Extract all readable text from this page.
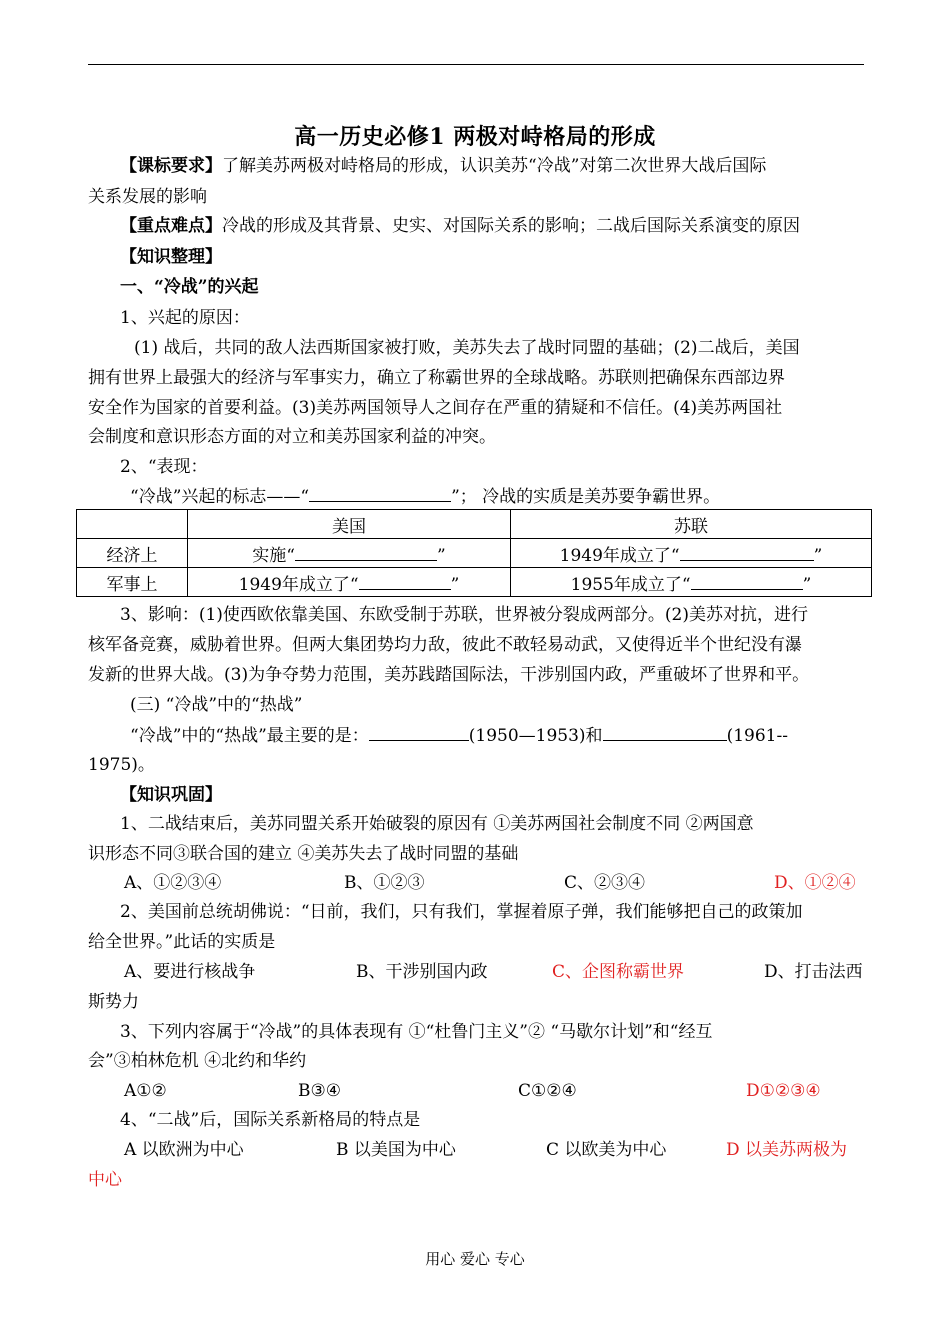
高一历史必修1 两极对峙格局的形成
【课标要求】了解美苏两极对峙格局的形成，认识美苏“冷战”对第二次世界大战后国际
关系发展的影响
【重点难点】冷战的形成及其背景、史实、对国际关系的影响；二战后国际关系演变的原因
【知识整理】
一、“冷战”的兴起
1、兴起的原因：
(1) 战后，共同的敌人法西斯国家被打败，美苏失去了战时同盟的基础；(2)二战后，美国
拥有世界上最强大的经济与军事实力，确立了称霸世界的全球战略。苏联则把确保东西部边界
安全作为国家的首要利益。(3)美苏两国领导人之间存在严重的猜疑和不信任。(4)美苏两国社
会制度和意识形态方面的对立和美苏国家利益的冲突。
2、“表现：
“冷战”兴起的标志——“	”； 冷战的实质是美苏要争霸世界。
	美国	苏联
经济上	实施“ ”	1949年成立了“ ”
军事上	1949年成立了“ ”	1955年成立了“ ”
3、影响：(1)使西欧依靠美国、东欧受制于苏联，世界被分裂成两部分。(2)美苏对抗，进行
核军备竞赛，威胁着世界。但两大集团势均力敌，彼此不敢轻易动武，又使得近半个世纪没有瀑
发新的世界大战。(3)为争夺势力范围，美苏践踏国际法，干涉别国内政，严重破坏了世界和平。
(三) “冷战”中的“热战”
“冷战”中的“热战”最主要的是：	(1950—1953)和	(1961--
1975)。
【知识巩固】
1、二战结束后，美苏同盟关系开始破裂的原因有 ①美苏两国社会制度不同 ②两国意
识形态不同③联合国的建立 ④美苏失去了战时同盟的基础
A、①②③④	B、①②③	C、②③④	D、①②④
2、美国前总统胡佛说：“日前，我们，只有我们，掌握着原子弹，我们能够把自己的政策加
给全世界。”此话的实质是
A、要进行核战争	B、干涉别国内政	C、企图称霸世界	D、打击法西
斯势力
3、下列内容属于“冷战”的具体表现有 ①“杜鲁门主义”② “马歇尔计划”和“经互
会”③柏林危机 ④北约和华约
A①②	B③④	C①②④	D①②③④
4、“二战”后，国际关系新格局的特点是
A 以欧洲为中心	B 以美国为中心	C 以欧美为中心	D 以美苏两极为
中心
用心 爱心 专心
